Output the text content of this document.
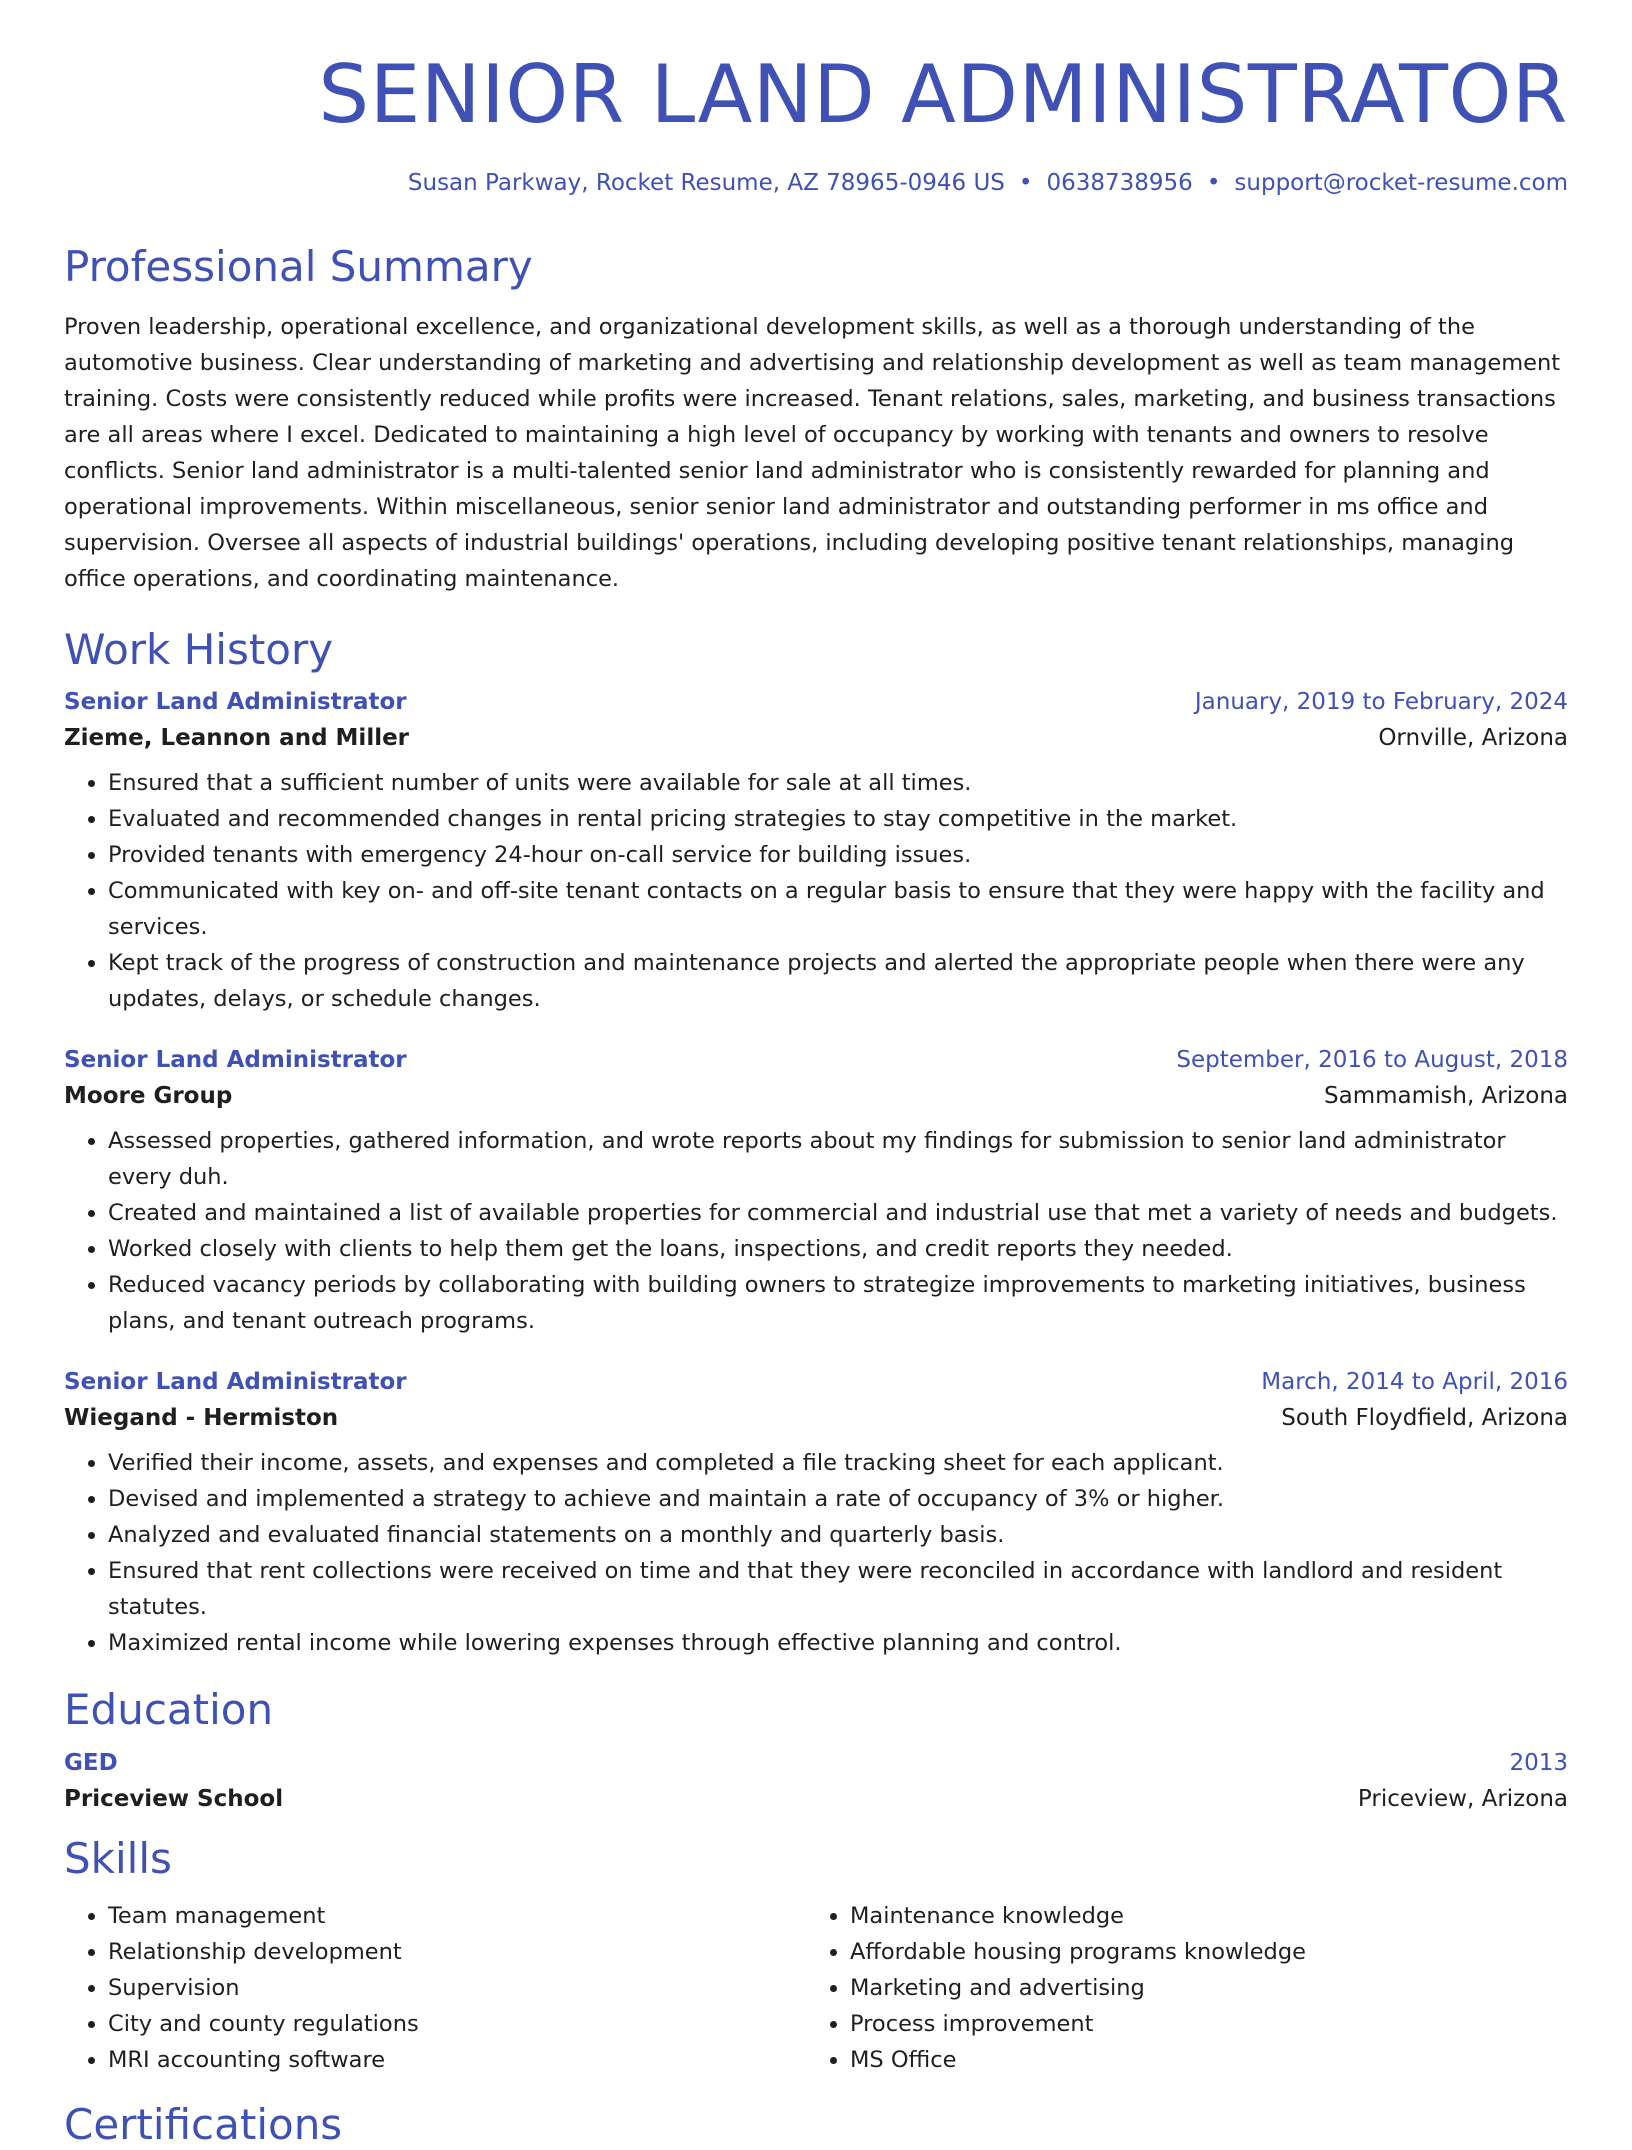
SENIOR LAND ADMINISTRATOR
Susan Parkway, Rocket Resume, AZ 78965-0946 US • 0638738956 • support@rocket-resume.com
Professional Summary

Proven leadership, operational excellence, and organizational development skills, as well as a thorough understanding of the automotive business. Clear understanding of marketing and advertising and relationship development as well as team management training. Costs were consistently reduced while profits were increased. Tenant relations, sales, marketing, and business transactions are all areas where I excel. Dedicated to maintaining a high level of occupancy by working with tenants and owners to resolve conflicts. Senior land administrator is a multi-talented senior land administrator who is consistently rewarded for planning and operational improvements. Within miscellaneous, senior senior land administrator and outstanding performer in ms office and supervision. Oversee all aspects of industrial buildings' operations, including developing positive tenant relationships, managing office operations, and coordinating maintenance.

Work History
Senior Land Administrator	January, 2019 to February, 2024
Zieme, Leannon and Miller	Ornville, Arizona
• Ensured that a sufficient number of units were available for sale at all times.
• Evaluated and recommended changes in rental pricing strategies to stay competitive in the market.
• Provided tenants with emergency 24-hour on-call service for building issues.
• Communicated with key on- and off-site tenant contacts on a regular basis to ensure that they were happy with the facility and services.
• Kept track of the progress of construction and maintenance projects and alerted the appropriate people when there were any updates, delays, or schedule changes.
Senior Land Administrator	September, 2016 to August, 2018
Moore Group	Sammamish, Arizona
• Assessed properties, gathered information, and wrote reports about my findings for submission to senior land administrator every duh.
• Created and maintained a list of available properties for commercial and industrial use that met a variety of needs and budgets.
• Worked closely with clients to help them get the loans, inspections, and credit reports they needed.
• Reduced vacancy periods by collaborating with building owners to strategize improvements to marketing initiatives, business plans, and tenant outreach programs.
Senior Land Administrator	March, 2014 to April, 2016
Wiegand - Hermiston	South Floydfield, Arizona
• Verified their income, assets, and expenses and completed a file tracking sheet for each applicant.
• Devised and implemented a strategy to achieve and maintain a rate of occupancy of 3% or higher.
• Analyzed and evaluated financial statements on a monthly and quarterly basis.
• Ensured that rent collections were received on time and that they were reconciled in accordance with landlord and resident statutes.
• Maximized rental income while lowering expenses through effective planning and control.
Education
GED	2013
Priceview School	Priceview, Arizona
Skills
• Team management
• Relationship development
• Supervision
• City and county regulations
• MRI accounting software
• Maintenance knowledge
• Affordable housing programs knowledge
• Marketing and advertising
• Process improvement
• MS Office
Certifications
